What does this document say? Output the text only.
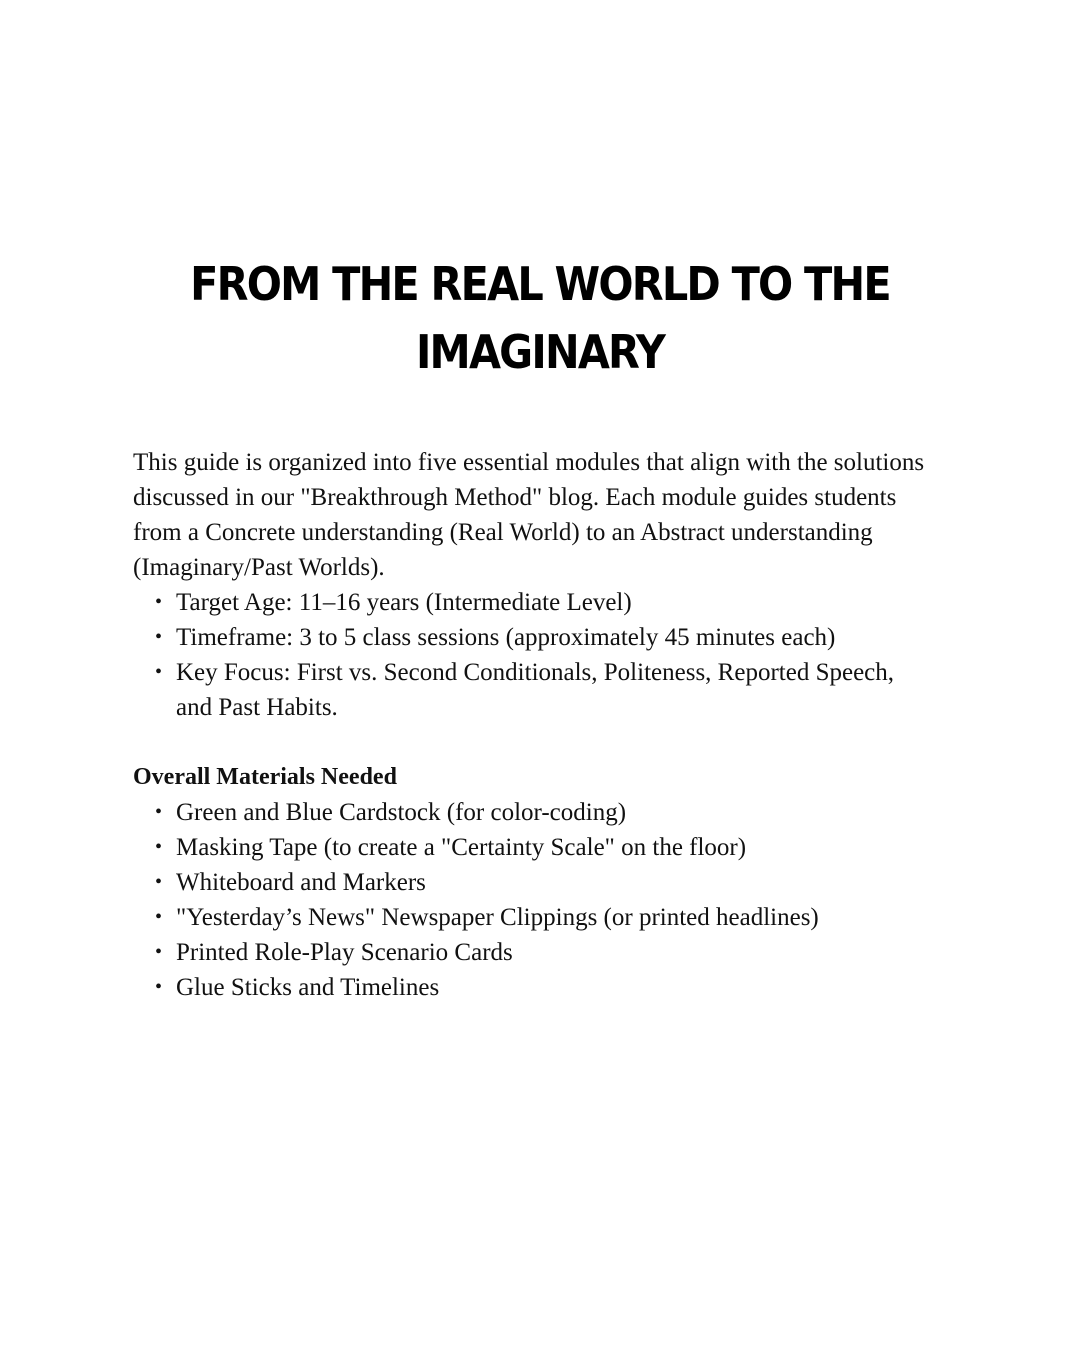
FROM THE REAL WORLD TO THE IMAGINARY

This guide is organized into five essential modules that align with the solutions discussed in our "Breakthrough Method" blog. Each module guides students from a Concrete understanding (Real World) to an Abstract understanding (Imaginary/Past Worlds).

• Target Age: 11–16 years (Intermediate Level)
• Timeframe: 3 to 5 class sessions (approximately 45 minutes each)
• Key Focus: First vs. Second Conditionals, Politeness, Reported Speech, and Past Habits.

Overall Materials Needed

• Green and Blue Cardstock (for color-coding)
• Masking Tape (to create a "Certainty Scale" on the floor)
• Whiteboard and Markers
• "Yesterday’s News" Newspaper Clippings (or printed headlines)
• Printed Role-Play Scenario Cards
• Glue Sticks and Timelines
